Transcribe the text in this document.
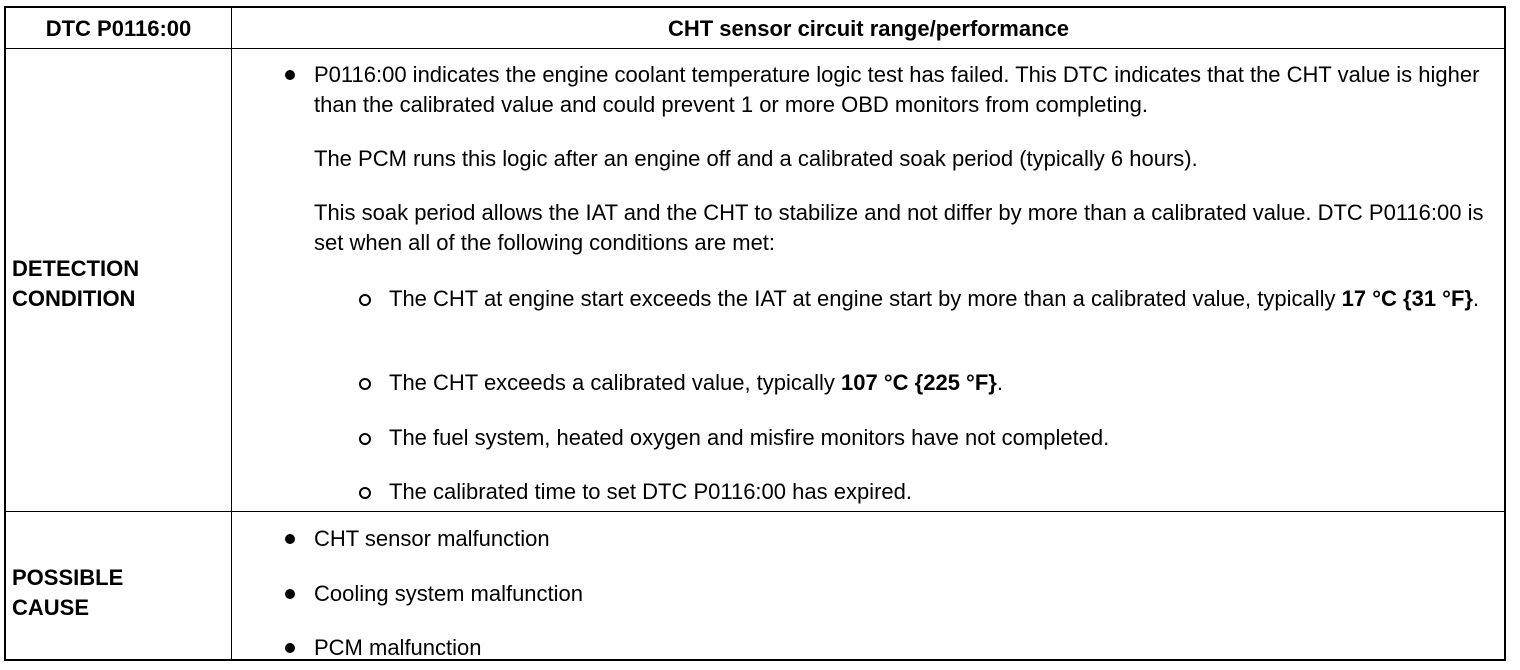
DTC P0116:00	CHT sensor circuit range/performance
DETECTION
CONDITION
P0116:00 indicates the engine coolant temperature logic test has failed. This DTC indicates that the CHT value is higher than the calibrated value and could prevent 1 or more OBD monitors from completing.
The PCM runs this logic after an engine off and a calibrated soak period (typically 6 hours).
This soak period allows the IAT and the CHT to stabilize and not differ by more than a calibrated value. DTC P0116:00 is set when all of the following conditions are met:
The CHT at engine start exceeds the IAT at engine start by more than a calibrated value, typically 17 °C {31 °F}.
The CHT exceeds a calibrated value, typically 107 °C {225 °F}.
The fuel system, heated oxygen and misfire monitors have not completed.
The calibrated time to set DTC P0116:00 has expired.
POSSIBLE
CAUSE
CHT sensor malfunction
Cooling system malfunction
PCM malfunction
